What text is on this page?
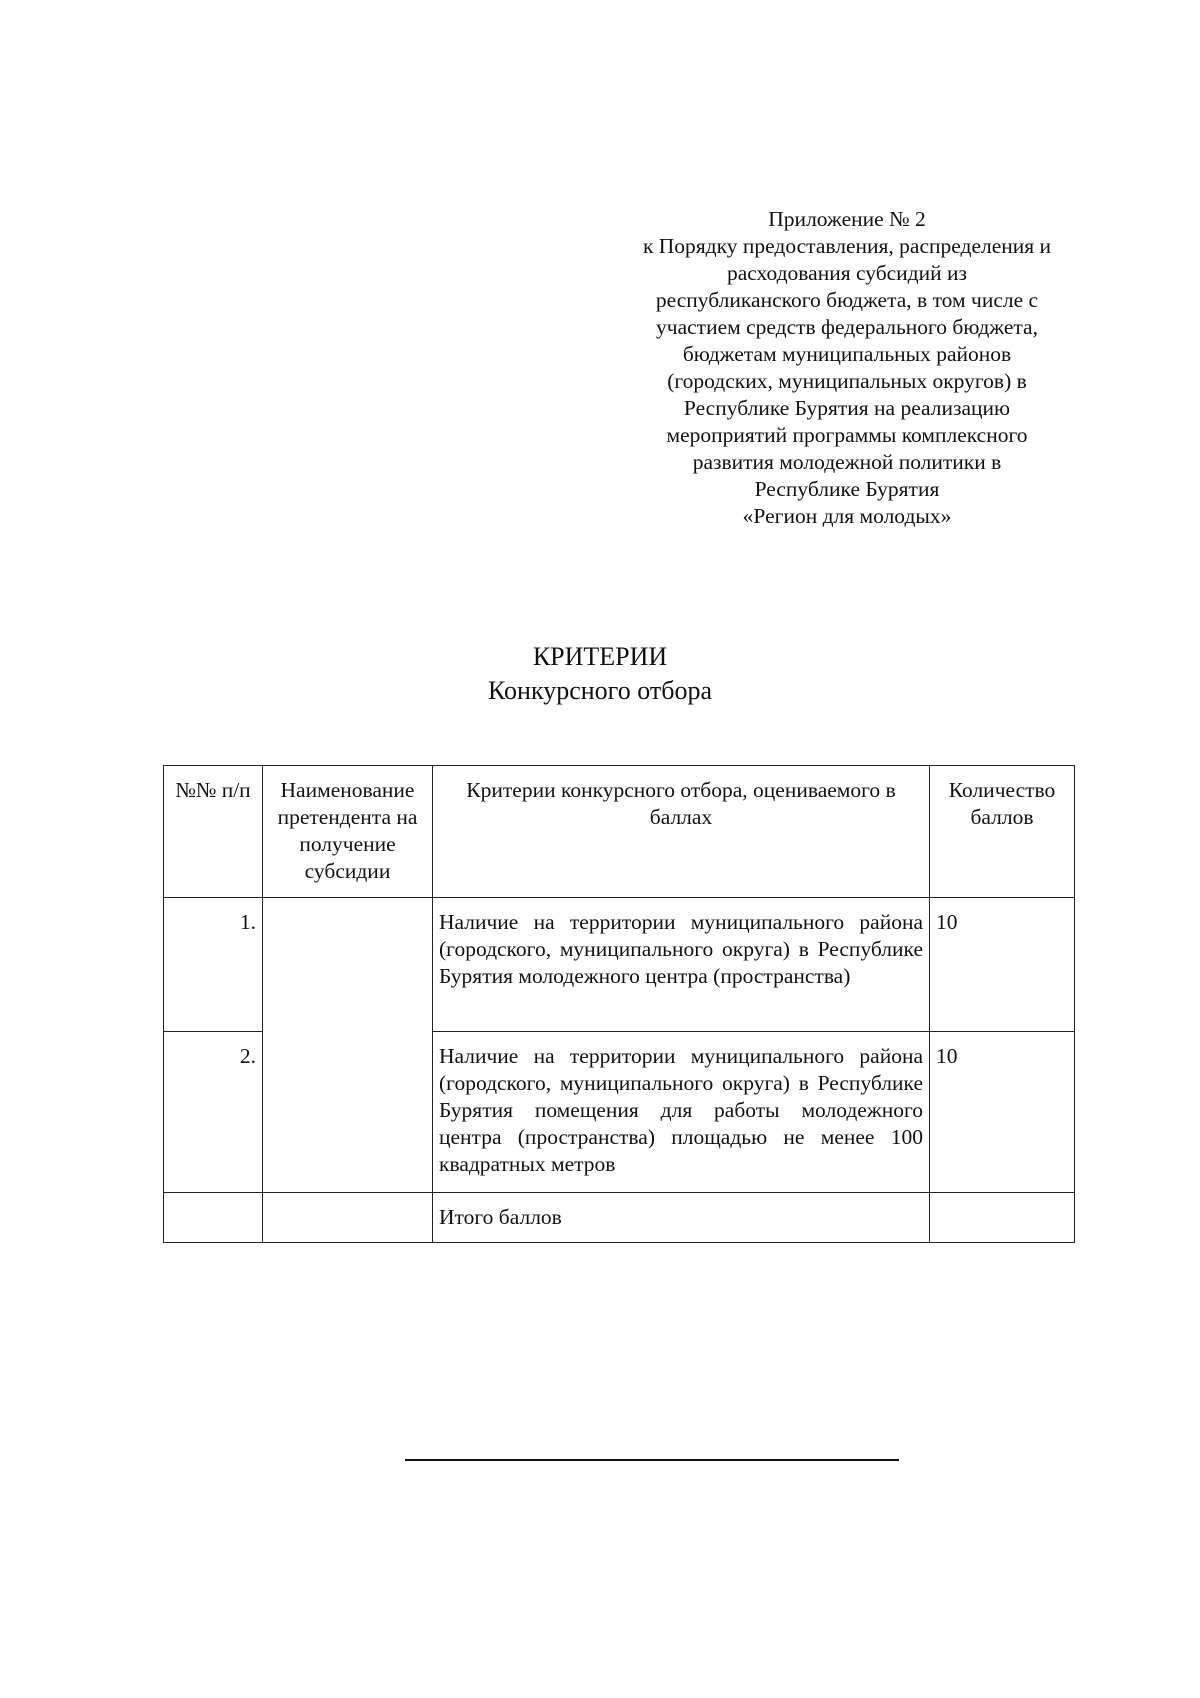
Приложение № 2
к Порядку предоставления, распределения и
расходования субсидий из
республиканского бюджета, в том числе с
участием средств федерального бюджета,
бюджетам муниципальных районов
(городских, муниципальных округов) в
Республике Бурятия на реализацию
мероприятий программы комплексного
развития молодежной политики в
Республике Бурятия
«Регион для молодых»
КРИТЕРИИ
Конкурсного отбора
№№ п/п	Наименование претендента на получение субсидии	Критерии конкурсного отбора, оцениваемого в баллах	Количество баллов
1.		Наличие на территории муниципального района (городского, муниципального округа) в Республике Бурятия молодежного центра (пространства)	10
2.		Наличие на территории муниципального района (городского, муниципального округа) в Республике Бурятия помещения для работы молодежного центра (пространства) площадью не менее 100 квадратных метров	10
		Итого баллов	
